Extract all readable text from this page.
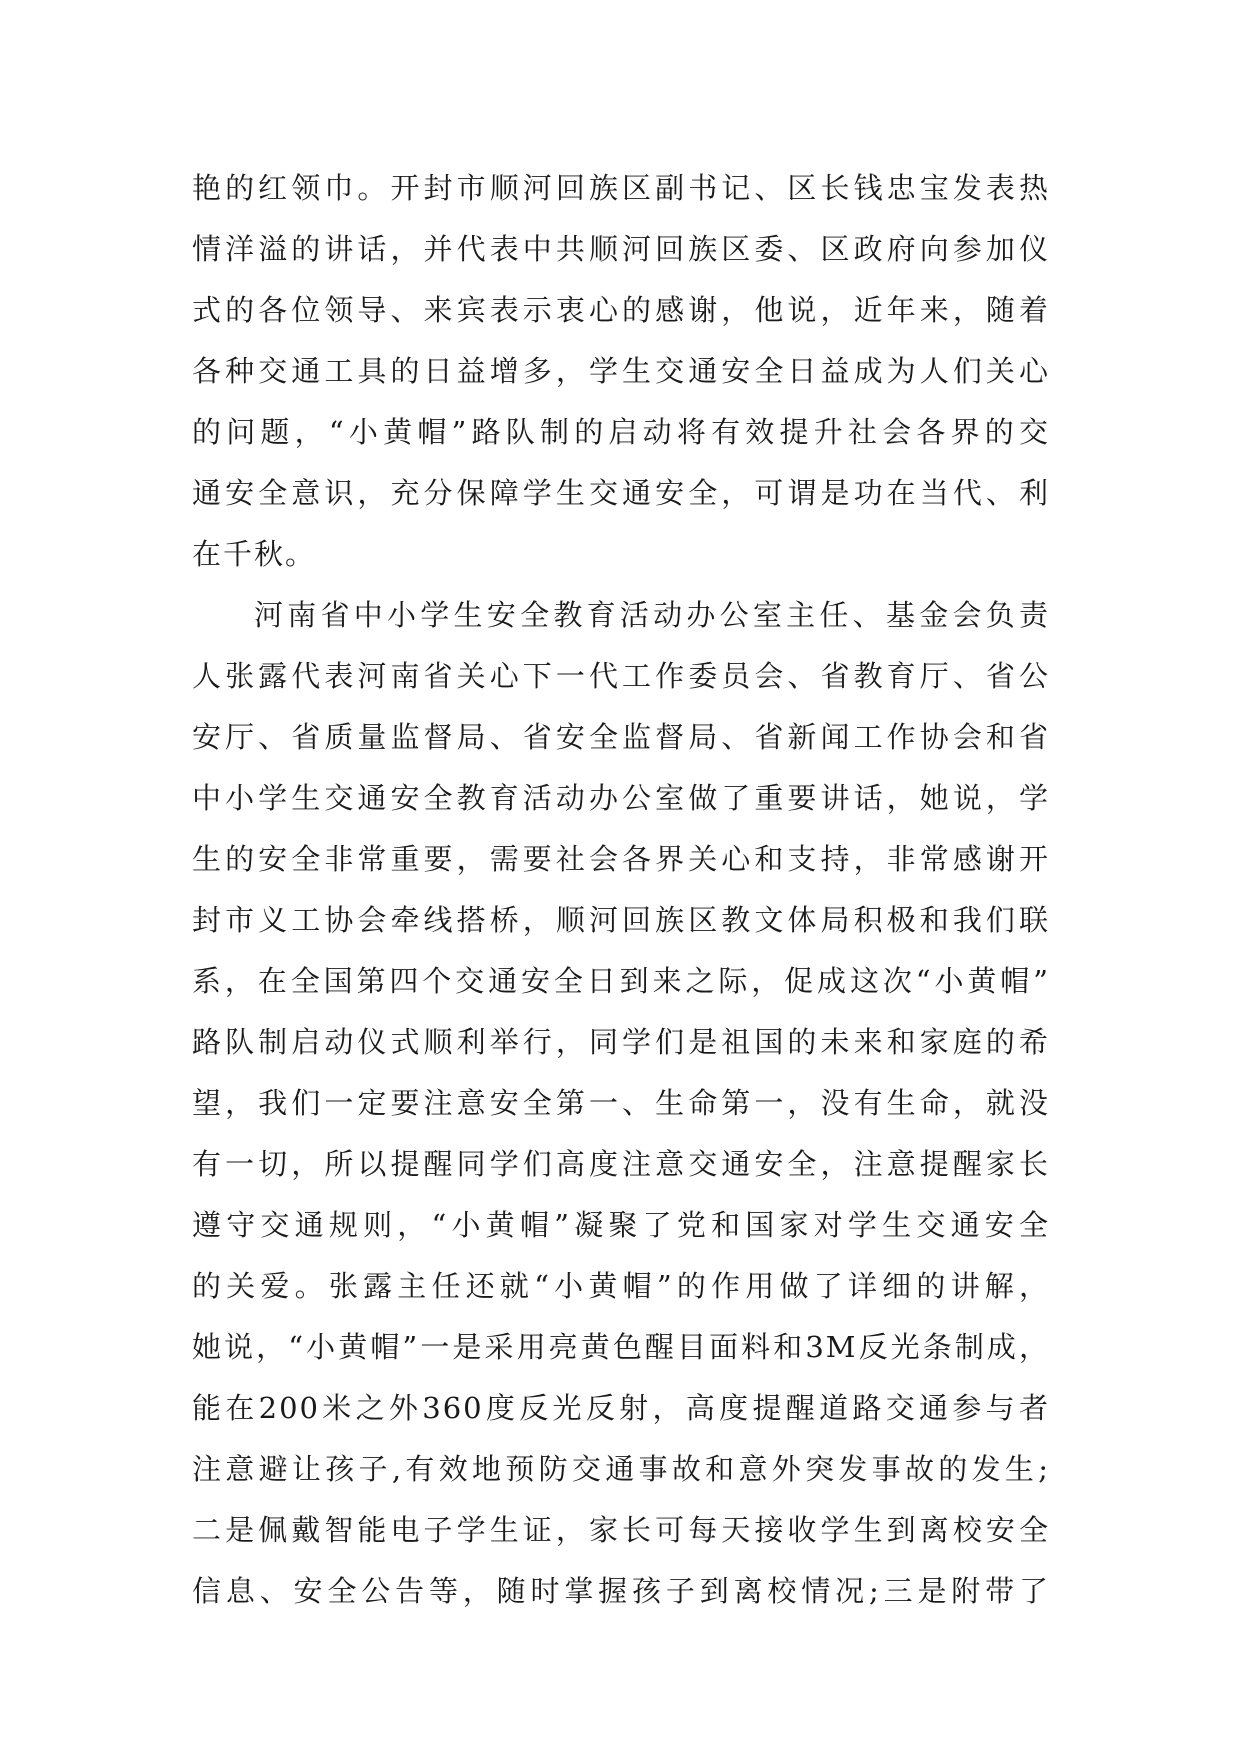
艳的红领巾。开封市顺河回族区副书记、区长钱忠宝发表热
情洋溢的讲话，并代表中共顺河回族区委、区政府向参加仪
式的各位领导、来宾表示衷心的感谢，他说，近年来，随着
各种交通工具的日益增多，学生交通安全日益成为人们关心
的问题，“小黄帽”路队制的启动将有效提升社会各界的交
通安全意识，充分保障学生交通安全，可谓是功在当代、利
在千秋。
河南省中小学生安全教育活动办公室主任、基金会负责
人张露代表河南省关心下一代工作委员会、省教育厅、省公
安厅、省质量监督局、省安全监督局、省新闻工作协会和省
中小学生交通安全教育活动办公室做了重要讲话，她说，学
生的安全非常重要，需要社会各界关心和支持，非常感谢开
封市义工协会牵线搭桥，顺河回族区教文体局积极和我们联
系，在全国第四个交通安全日到来之际，促成这次“小黄帽”
路队制启动仪式顺利举行，同学们是祖国的未来和家庭的希
望，我们一定要注意安全第一、生命第一，没有生命，就没
有一切，所以提醒同学们高度注意交通安全，注意提醒家长
遵守交通规则，“小黄帽”凝聚了党和国家对学生交通安全
的关爱。张露主任还就“小黄帽”的作用做了详细的讲解，
她说，“小黄帽”一是采用亮黄色醒目面料和3M反光条制成，
能在200米之外360度反光反射，高度提醒道路交通参与者
注意避让孩子,有效地预防交通事故和意外突发事故的发生;
二是佩戴智能电子学生证，家长可每天接收学生到离校安全
信息、安全公告等，随时掌握孩子到离校情况;三是附带了
